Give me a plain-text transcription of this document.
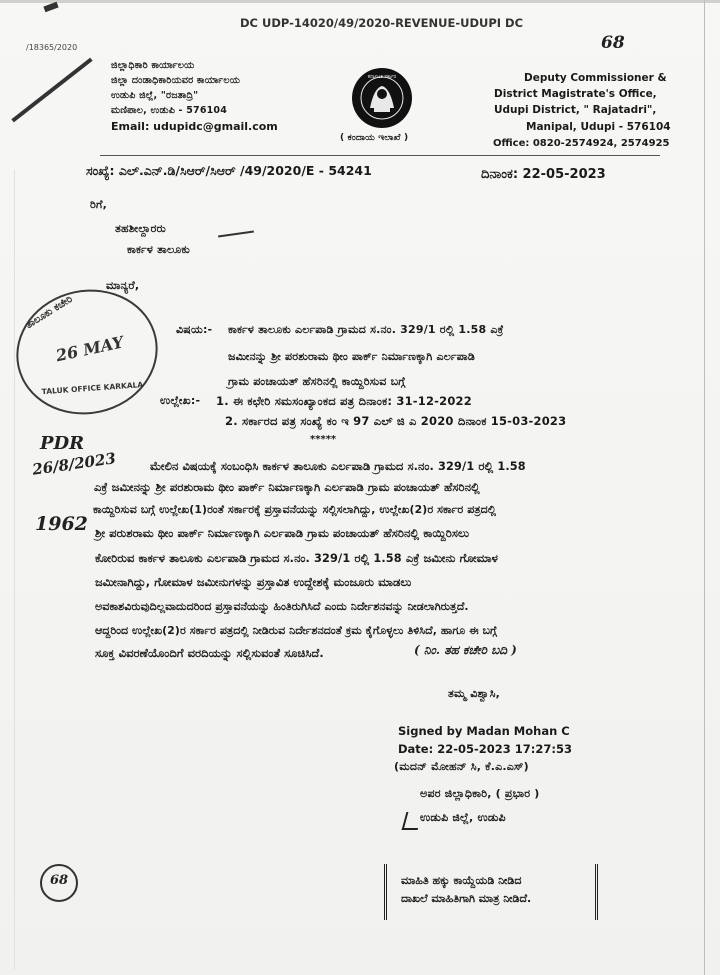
DC UDP-14020/49/2020-REVENUE-UDUPI DC
/18365/2020	68
ಜಿಲ್ಲಾಧಿಕಾರಿ ಕಾರ್ಯಾಲಯ
ಜಿಲ್ಲಾ ದಂಡಾಧಿಕಾರಿಯವರ ಕಾರ್ಯಾಲಯ
ಉಡುಪಿ ಜಿಲ್ಲೆ, "ರಜತಾದ್ರಿ"
ಮಣಿಪಾಲ, ಉಡುಪಿ - 576104
Email: udupidc@gmail.com
ಕರ್ನಾಟಕ ಸರ್ಕಾರ
( ಕಂದಾಯ ಇಲಾಖೆ )
Deputy Commissioner &
District Magistrate's Office,
Udupi District, " Rajatadri",
Manipal, Udupi - 576104
Office: 0820-2574924, 2574925
ಸಂಖ್ಯೆ: ಎಲ್.ಎನ್.ಡಿ/ಸಿಆರ್/ಸಿಆರ್ /49/2020/E - 54241	ದಿನಾಂಕ: 22-05-2023
ರಿಗೆ,
ತಹಶೀಲ್ದಾರರು
ಕಾರ್ಕಳ ತಾಲೂಕು
ಮಾನ್ಯರೆ,
ತಾಲೂಕು ಕಚೇರಿ
26 MAY
TALUK OFFICE KARKALA
ವಿಷಯ:- ಕಾರ್ಕಳ ತಾಲೂಕು ಎರ್ಲಪಾಡಿ ಗ್ರಾಮದ ಸ.ನಂ. 329/1 ರಲ್ಲಿ 1.58 ಎಕ್ರೆ
ಜಮೀನನ್ನು ಶ್ರೀ ಪರಶುರಾಮ ಥೀಂ ಪಾರ್ಕ್ ನಿರ್ಮಾಣಕ್ಕಾಗಿ ಎರ್ಲಪಾಡಿ
ಗ್ರಾಮ ಪಂಚಾಯತ್ ಹೆಸರಿನಲ್ಲಿ ಕಾಯ್ದಿರಿಸುವ ಬಗ್ಗೆ
ಉಲ್ಲೇಖ:- 1. ಈ ಕಛೇರಿ ಸಮಸಂಖ್ಯಾಂಕದ ಪತ್ರ ದಿನಾಂಕ: 31-12-2022
2. ಸರ್ಕಾರದ ಪತ್ರ ಸಂಖ್ಯೆ ಕಂ ಇ 97 ಎಲ್ ಜಿ ಎ 2020 ದಿನಾಂಕ 15-03-2023
*****
PDR
26/8/2023
1962
ಮೇಲಿನ ವಿಷಯಕ್ಕೆ ಸಂಬಂಧಿಸಿ ಕಾರ್ಕಳ ತಾಲೂಕು ಎರ್ಲಪಾಡಿ ಗ್ರಾಮದ ಸ.ನಂ. 329/1 ರಲ್ಲಿ 1.58
ಎಕ್ರೆ ಜಮೀನನ್ನು ಶ್ರೀ ಪರಶುರಾಮ ಥೀಂ ಪಾರ್ಕ್ ನಿರ್ಮಾಣಕ್ಕಾಗಿ ಎರ್ಲಪಾಡಿ ಗ್ರಾಮ ಪಂಚಾಯತ್ ಹೆಸರಿನಲ್ಲಿ
ಕಾಯ್ದಿರಿಸುವ ಬಗ್ಗೆ ಉಲ್ಲೇಖ(1)ರಂತೆ ಸರ್ಕಾರಕ್ಕೆ ಪ್ರಸ್ತಾವನೆಯನ್ನು ಸಲ್ಲಿಸಲಾಗಿದ್ದು, ಉಲ್ಲೇಖ(2)ರ ಸರ್ಕಾರ ಪತ್ರದಲ್ಲಿ
ಶ್ರೀ ಪರುಶರಾಮ ಥೀಂ ಪಾರ್ಕ್ ನಿರ್ಮಾಣಕ್ಕಾಗಿ ಎರ್ಲಪಾಡಿ ಗ್ರಾಮ ಪಂಚಾಯತ್ ಹೆಸರಿನಲ್ಲಿ ಕಾಯ್ದಿರಿಸಲು
ಕೋರಿರುವ ಕಾರ್ಕಳ ತಾಲೂಕು ಎರ್ಲಪಾಡಿ ಗ್ರಾಮದ ಸ.ನಂ. 329/1 ರಲ್ಲಿ 1.58 ಎಕ್ರೆ ಜಮೀನು ಗೋಮಾಳ
ಜಮೀನಾಗಿದ್ದು, ಗೋಮಾಳ ಜಮೀನುಗಳನ್ನು ಪ್ರಸ್ತಾವಿತ ಉದ್ದೇಶಕ್ಕೆ ಮಂಜೂರು ಮಾಡಲು
ಅವಕಾಶವಿರುವುದಿಲ್ಲವಾದುದರಿಂದ ಪ್ರಸ್ತಾವನೆಯನ್ನು ಹಿಂತಿರುಗಿಸಿದೆ ಎಂದು ನಿರ್ದೇಶನವನ್ನು ನೀಡಲಾಗಿರುತ್ತದೆ.
ಆದ್ದರಿಂದ ಉಲ್ಲೇಖ(2)ರ ಸರ್ಕಾರ ಪತ್ರದಲ್ಲಿ ನೀಡಿರುವ ನಿರ್ದೇಶನದಂತೆ ಕ್ರಮ ಕೈಗೊಳ್ಳಲು ತಿಳಿಸಿದೆ, ಹಾಗೂ ಈ ಬಗ್ಗೆ
ಸೂಕ್ತ ವಿವರಣೆಯೊಂದಿಗೆ ವರದಿಯನ್ನು ಸಲ್ಲಿಸುವಂತೆ ಸೂಚಿಸಿದೆ.	( ನಿಂ. ತಹ ಕಚೇರಿ ಬದಿ )
ತಮ್ಮ ವಿಶ್ವಾಸಿ,
Signed by Madan Mohan C
Date: 22-05-2023 17:27:53
(ಮದನ್ ಮೋಹನ್ ಸಿ, ಕೆ.ಎ.ಎಸ್)
ಅಪರ ಜಿಲ್ಲಾಧಿಕಾರಿ, ( ಪ್ರಭಾರ )
ಉಡುಪಿ ಜಿಲ್ಲೆ, ಉಡುಪಿ
68	ಮಾಹಿತಿ ಹಕ್ಕು ಕಾಯ್ದೆಯಡಿ ನೀಡಿದ
ದಾಖಲೆ ಮಾಹಿತಿಗಾಗಿ ಮಾತ್ರ ನೀಡಿದೆ.
